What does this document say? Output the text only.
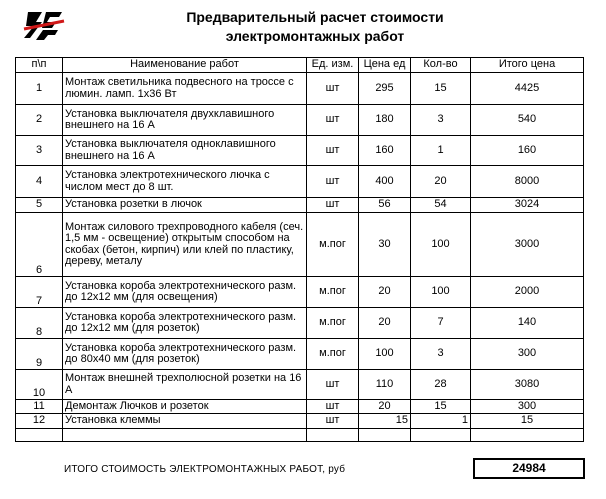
Предварительный расчет стоимости
электромонтажных работ
п\п	Наименование работ	Ед. изм.	Цена ед	Кол-во	Итого цена
1	Монтаж светильника подвесного на тросcе с люмин. ламп. 1х36 Вт	шт	295	15	4425
2	Установка выключателя двухклавишного внешнего на 16 А	шт	180	3	540
3	Установка выключателя одноклавишного внешнего на 16 А	шт	160	1	160
4	Установка электротехнического лючка с числом мест до 8 шт.	шт	400	20	8000
5	Установка розетки в лючок	шт	56	54	3024
6	Монтаж силового трехпроводного кабеля (сеч. 1,5 мм - освещение) открытым способом на скобах (бетон, кирпич) или клей по пластику, дереву, металу	м.пог	30	100	3000
7	Установка короба электротехнического разм. до 12х12 мм (для освещения)	м.пог	20	100	2000
8	Установка короба электротехнического разм. до 12х12 мм (для розеток)	м.пог	20	7	140
9	Установка короба электротехнического разм. до 80х40 мм (для розеток)	м.пог	100	3	300
10	Монтаж внешней трехполюсной розетки на 16 А	шт	110	28	3080
11	Демонтаж Лючков и розеток	шт	20	15	300
12	Установка клеммы	шт	15	1	15

ИТОГО СТОИМОСТЬ ЭЛЕКТРОМОНТАЖНЫХ РАБОТ, руб	24984
